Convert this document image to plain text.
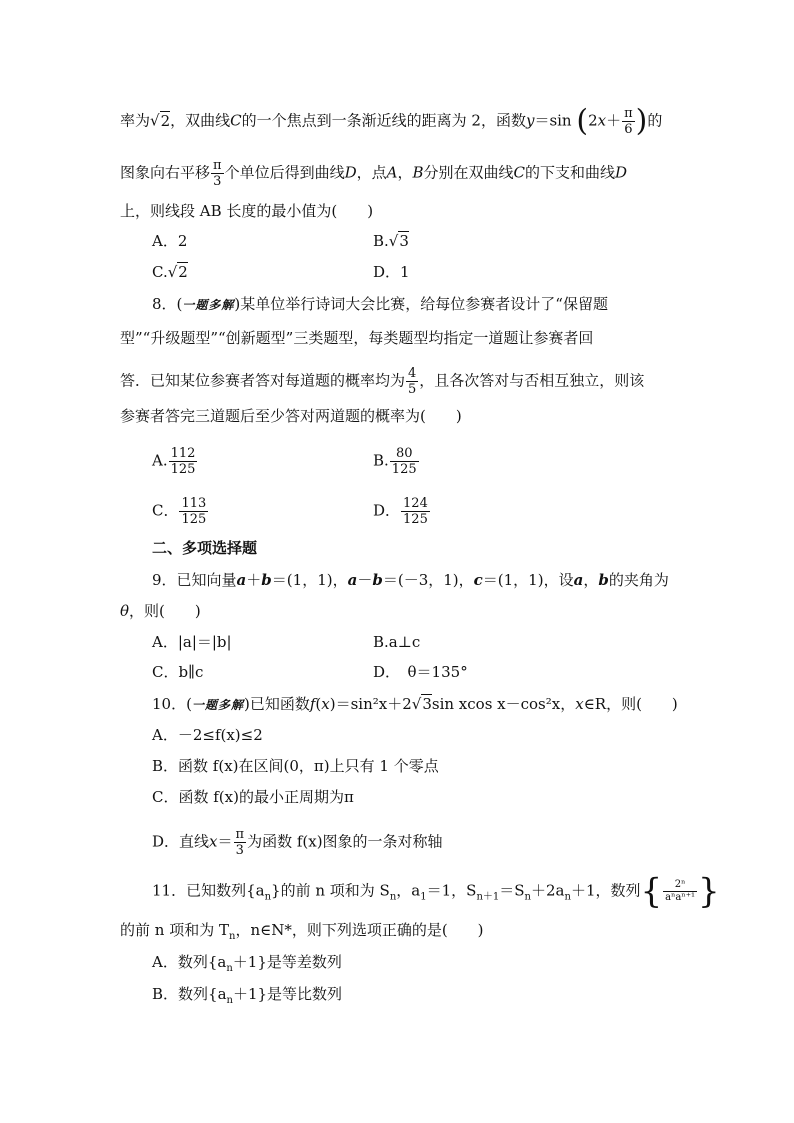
率为√2，双曲线C的一个焦点到一条渐近线的距离为 2，函数y＝sin ($2x+ \frac{\pi}{6}$ )的
图象向右平移 $\frac{\pi}{3}$ 个单位后得到曲线D，点A，B分别在双曲线C的下支和曲线D
上，则线段 AB 长度的最小值为(　　)
A．2	B.√3
C.√2	D．1
8．(一题多解)某单位举行诗词大会比赛，给每位参赛者设计了“保留题
型”“升级题型”“创新题型”三类题型，每类题型均指定一道题让参赛者回
答．已知某位参赛者答对每道题的概率均为 $\frac{4}{5}$ ，且各次答对与否相互独立，则该
参赛者答完三道题后至少答对两道题的概率为(　　)
A. $\frac{112}{125}$	B. $\frac{80}{125}$
C． $\frac{113}{125}$	D． $\frac{124}{125}$
二、多项选择题
9．已知向量a＋b＝(1，1)，a－b＝(－3，1)，c＝(1，1)，设a，b的夹角为
θ，则(　　)
A．|a|＝|b|	B.a⊥c
C．b∥c	D．　θ＝135°
10．(一题多解)已知函数f(x)＝sin²x＋2√3sin xcos x－cos²x，x∈R，则(　　)
A．－2≤f(x)≤2
B．函数 f(x)在区间(0，π)上只有 1 个零点
C．函数 f(x)的最小正周期为π
D．直线$x= \frac{\pi}{3}$ 为函数 f(x)图象的一条对称轴
11．已知数列$\{a_n\}$的前 n 项和为 $S_n$，$a_1=1$，$S_{n+1}=S_n+2a_n+1$，数列{ $\frac{\text{2ⁿ}}{\text{aⁿaⁿ⁺¹}}$ }
的前 n 项和为 $T_n$，n∈N*，则下列选项正确的是(　　)
A．数列$\{a_n+1\}$是等差数列
B．数列$\{a_n+1\}$是等比数列
